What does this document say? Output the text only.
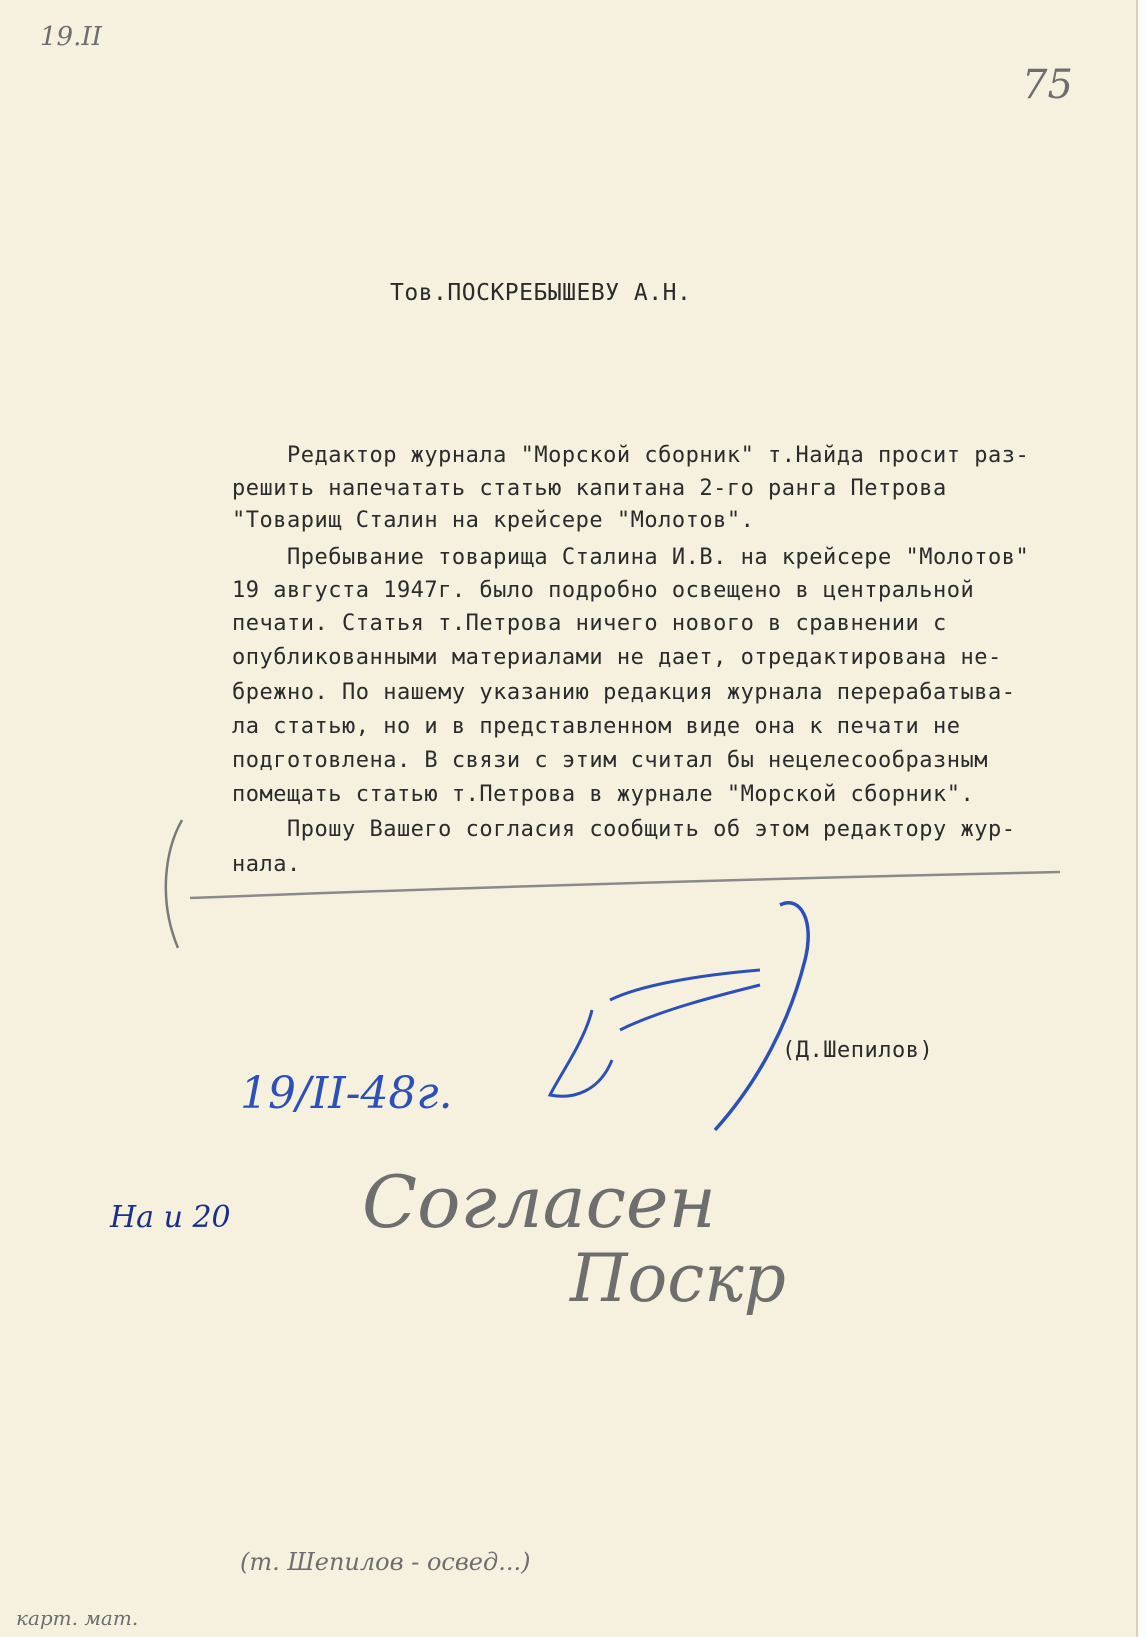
19.II
75
Тов.ПОСКРЕБЫШЕВУ А.Н.
Редактор журнала "Морской сборник" т.Найда просит раз-
решить напечатать статью капитана 2-го ранга Петрова
"Товарищ Сталин на крейсере "Молотов".
Пребывание товарища Сталина И.В. на крейсере "Молотов"
19 августа 1947г. было подробно освещено в центральной
печати. Статья т.Петрова ничего нового в сравнении с
опубликованными материалами не дает, отредактирована не-
брежно. По нашему указанию редакция журнала перерабатыва-
ла статью, но и в представленном виде она к печати не
подготовлена. В связи с этим считал бы нецелесообразным
помещать статью т.Петрова в журнале "Морской сборник".
Прошу Вашего согласия сообщить об этом редактору жур-
нала.
(Д.Шепилов)
19/II-48г.
На и 20 Согласен
Поскр
(т. Шепилов - освед...)
карт. мат.
